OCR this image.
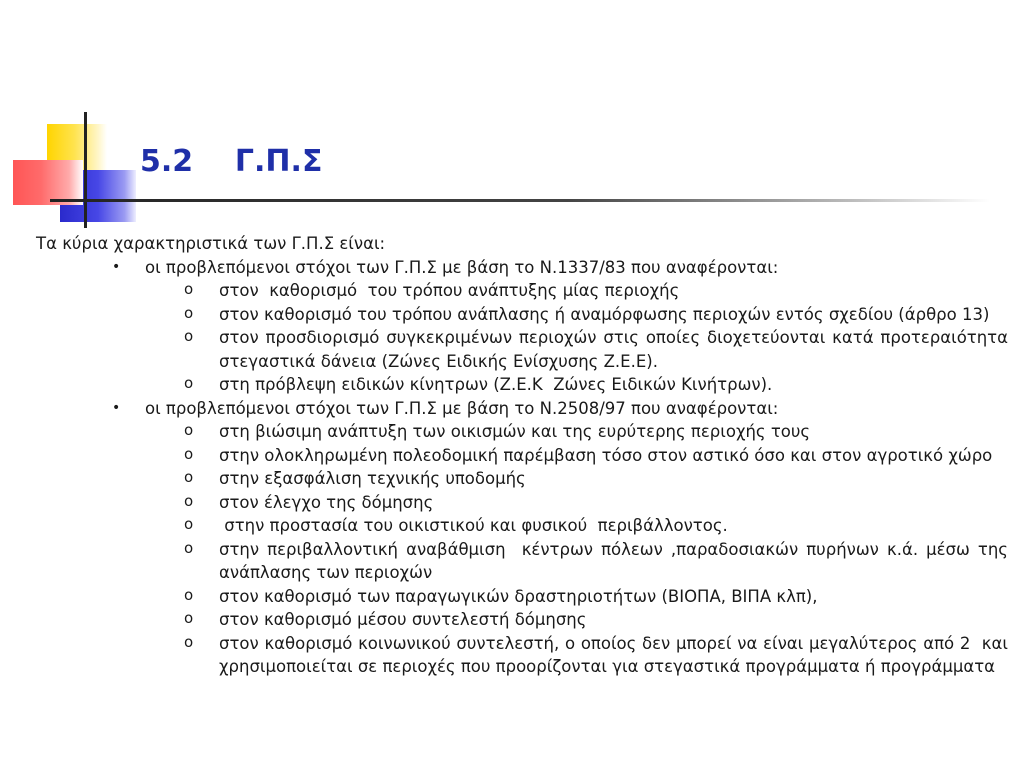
5.2    Γ.Π.Σ

Τα κύρια χαρακτηριστικά των Γ.Π.Σ είναι:

• οι προβλεπόμενοι στόχοι των Γ.Π.Σ με βάση το Ν.1337/83 που αναφέρονται:

o στον  καθορισμό  του τρόπου ανάπτυξης μίας περιοχής

o στον καθορισμό του τρόπου ανάπλασης ή αναμόρφωσης περιοχών εντός σχεδίου (άρθρο 13)

o στον προσδιορισμό συγκεκριμένων περιοχών στις οποίες διοχετεύονται κατά προτεραιότητα στεγαστικά δάνεια (Ζώνες Ειδικής Ενίσχυσης Ζ.Ε.Ε).

o στη πρόβλεψη ειδικών κίνητρων (Ζ.Ε.Κ  Ζώνες Ειδικών Κινήτρων).

• οι προβλεπόμενοι στόχοι των Γ.Π.Σ με βάση το Ν.2508/97 που αναφέρονται:

o στη βιώσιμη ανάπτυξη των οικισμών και της ευρύτερης περιοχής τους

o στην ολοκληρωμένη πολεοδομική παρέμβαση τόσο στον αστικό όσο και στον αγροτικό χώρο

o στην εξασφάλιση τεχνικής υποδομής

o στον έλεγχο της δόμησης

o στην προστασία του οικιστικού και φυσικού  περιβάλλοντος.

o στην περιβαλλοντική αναβάθμιση  κέντρων πόλεων ,παραδοσιακών πυρήνων κ.ά. μέσω της ανάπλασης των περιοχών

o στον καθορισμό των παραγωγικών δραστηριοτήτων (ΒΙΟΠΑ, ΒΙΠΑ κλπ),

o στον καθορισμό μέσου συντελεστή δόμησης

o στον καθορισμό κοινωνικού συντελεστή, ο οποίος δεν μπορεί να είναι μεγαλύτερος από 2  και  χρησιμοποιείται σε περιοχές που προορίζονται για στεγαστικά προγράμματα ή προγράμματα
